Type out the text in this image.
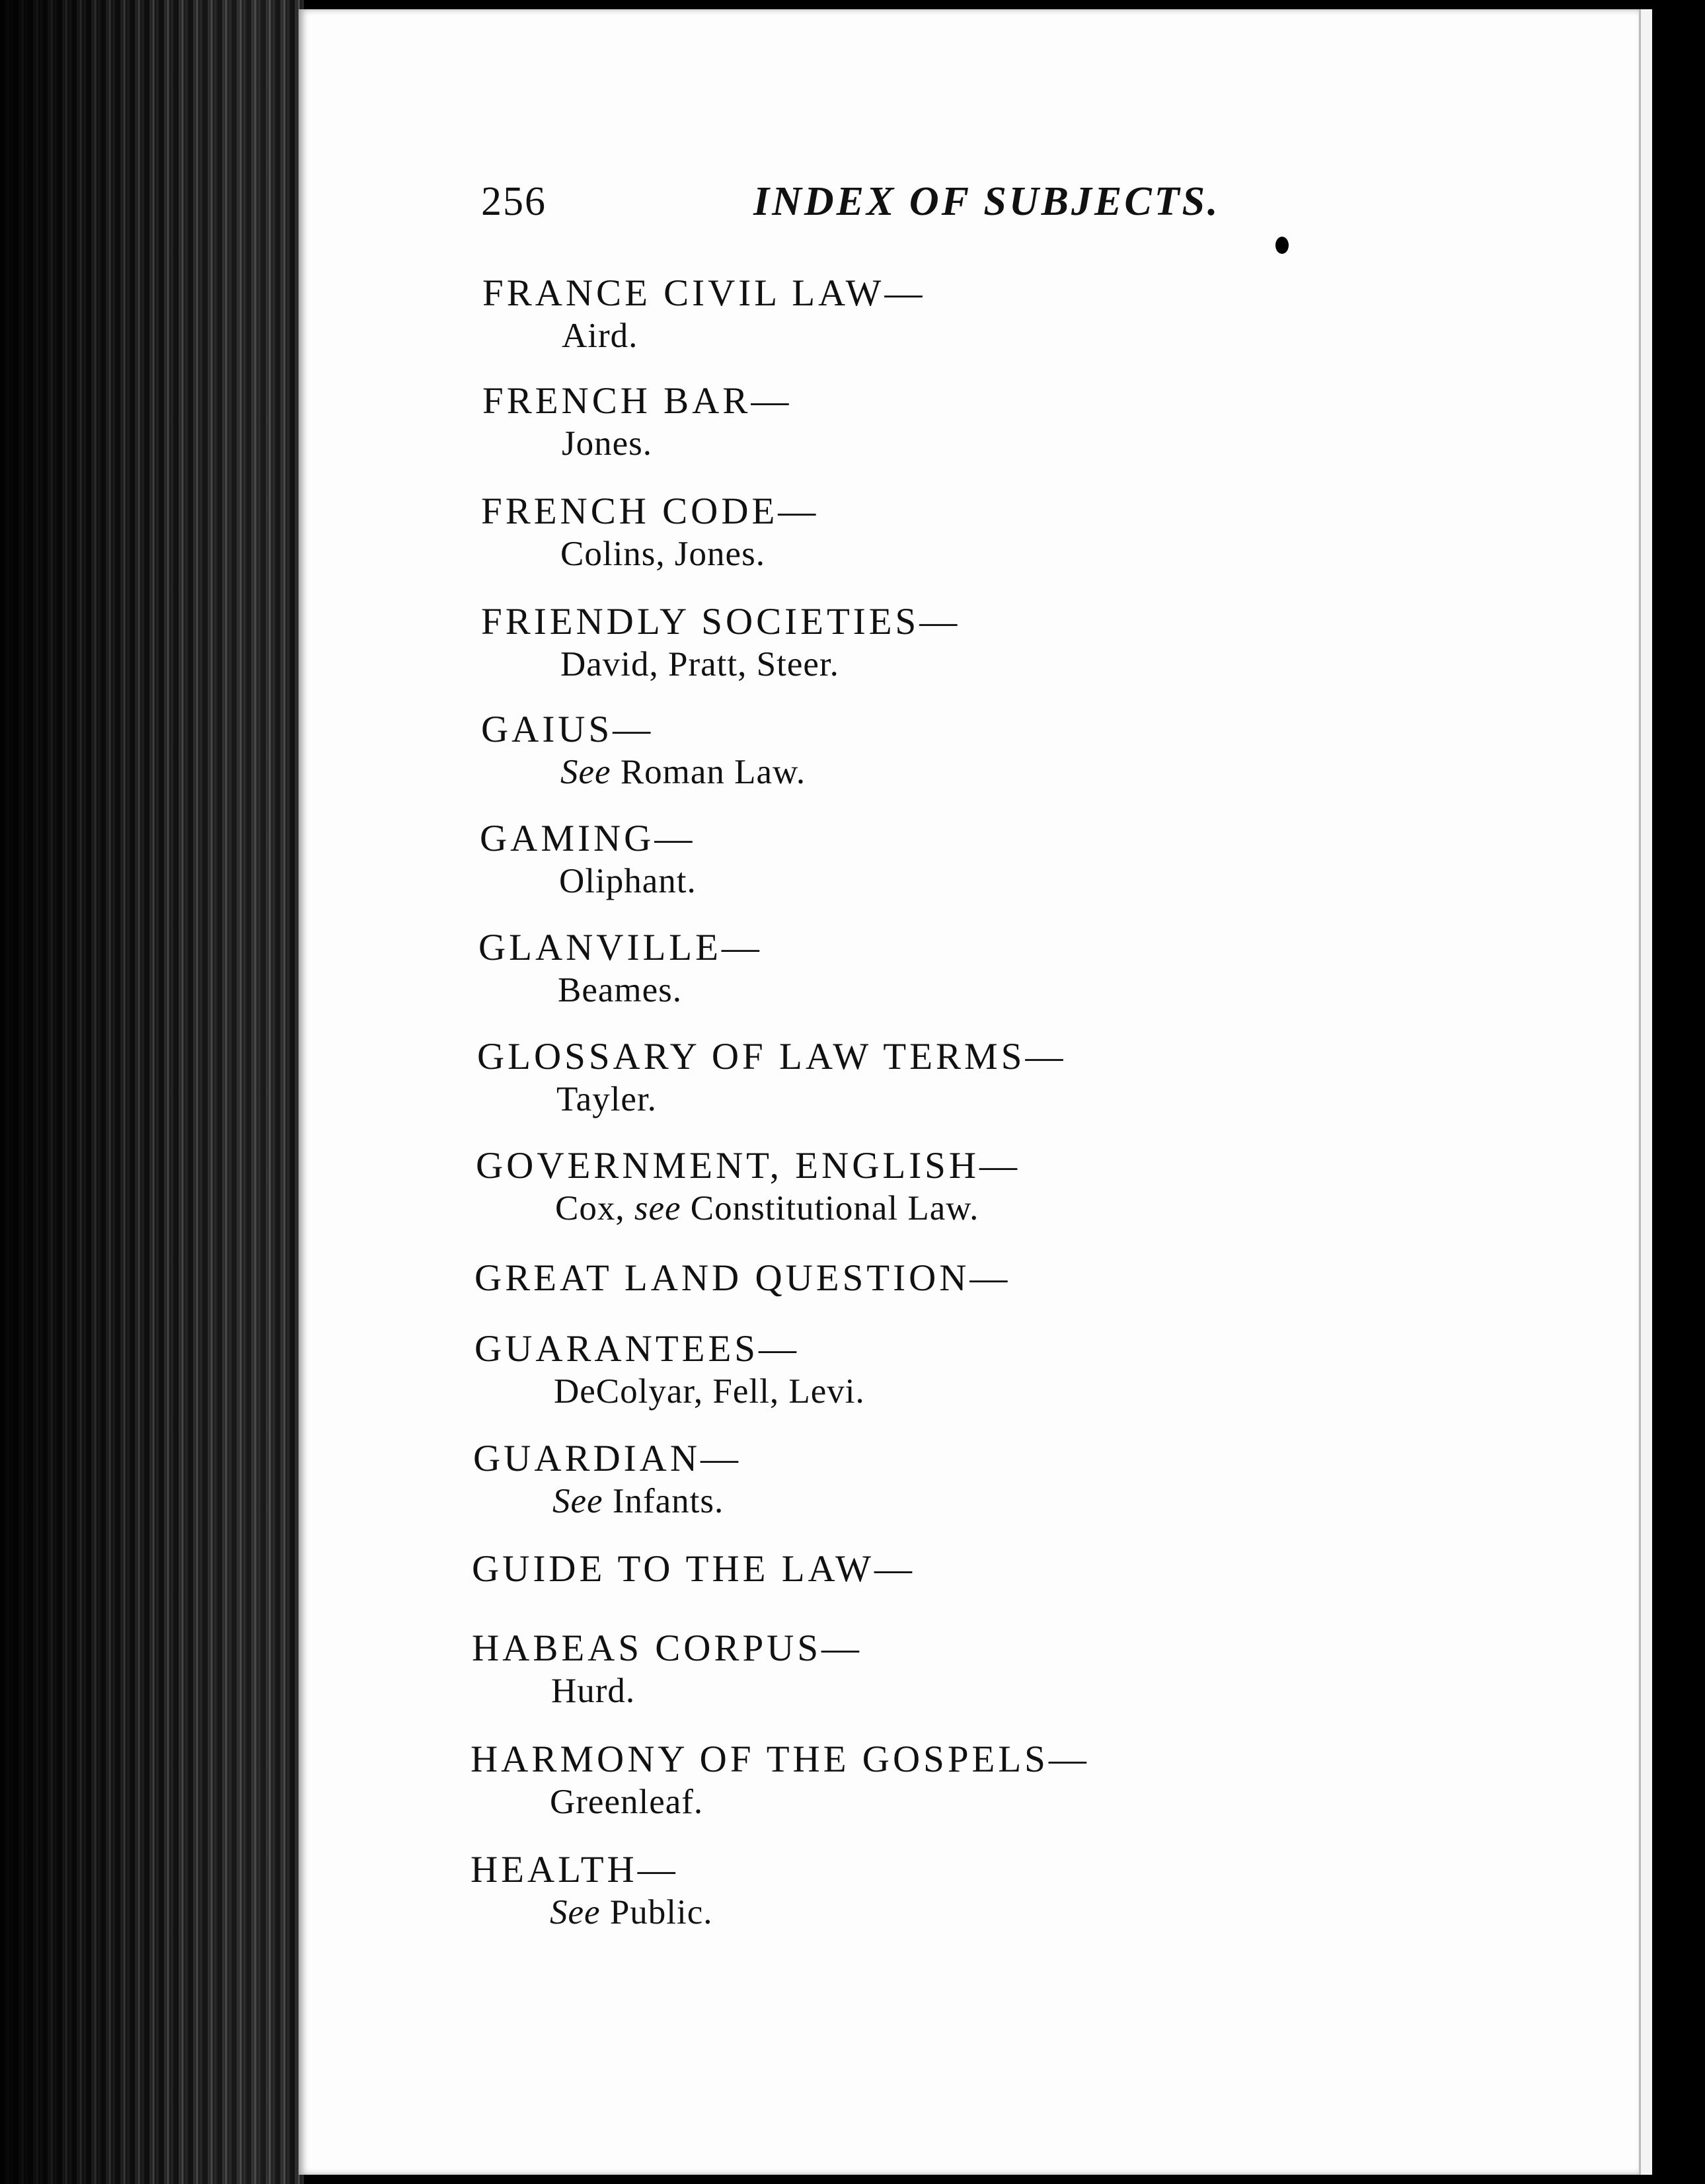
256	INDEX OF SUBJECTS.
FRANCE CIVIL LAW—
Aird.
FRENCH BAR—
Jones.
FRENCH CODE—
Colins, Jones.
FRIENDLY SOCIETIES—
David, Pratt, Steer.
GAIUS—
See Roman Law.
GAMING—
Oliphant.
GLANVILLE—
Beames.
GLOSSARY OF LAW TERMS—
Tayler.
GOVERNMENT, ENGLISH—
Cox, see Constitutional Law.
GREAT LAND QUESTION—
GUARANTEES—
DeColyar, Fell, Levi.
GUARDIAN—
See Infants.
GUIDE TO THE LAW—
HABEAS CORPUS—
Hurd.
HARMONY OF THE GOSPELS—
Greenleaf.
HEALTH—
See Public.
